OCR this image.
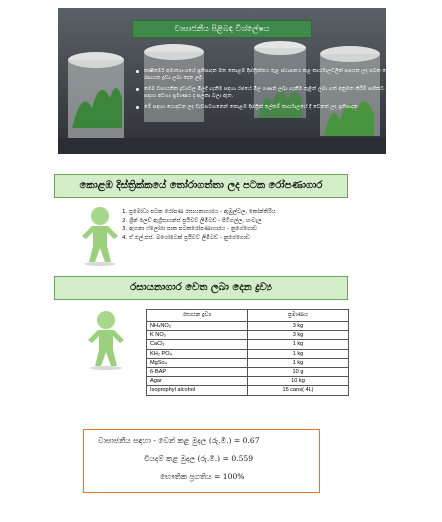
වාසාජනීය පිළිබඳ විශ්ලේෂය
කෘෂිකර්ම අමාත්‍යාංශයේ ප්‍රතිපාදන මත කොළඹ දිස්ත්‍රික්කය තුළ ස්ථාපනය කළ කාර්යාලවලින් සපයන ලද පටක රෝපණාගාර 04ක් සඳහා රසායන ද්‍රව්‍ය ලබා දෙන ලදී.
මෙම වසායනික ද්‍රව්‍යවල මිලදී ගැනීම සඳහා රජයේ මිල ගණන් ලබා ගැනීම තුළින් ලබා ගත් අනුමත කිරීම් සහිතව සිදු කළ අතර ඉදිරි කාලය සඳහා අවශ්‍ය ප්‍රමාණය ද සලකා බලා ඇත.
මේ සඳහා යොදවන ලද වැඩසටහනෙන් කොළඹ දිස්ත්‍රික් ලේකම් කාර්යාලයේ දී වෙනත් ලද ප්‍රතිපාදන
කොළඹ දිස්ත්‍රික්කයේ තෝරාගත්තා ලද පටක රෝපණාගාර
1. ප්‍රමෝධා පටක රෝපණ රසායනාගාරය - ඇඹුල්වල, කෝන්තිරිය
2. ශ්‍රීන් ලෙව් ඇග්‍රිසායන්ස් ප්‍රයිවට් ලිමිටඩ් - පිටිගල්ල, හංවැල
3. ඇගනා ෆ්ලෝරා පාක පටකරෝපණාගාරය - නුගේගොඩ
4. ඒ.එල්.එස්. බයෝටෙක් ප්‍රයිවට් ලිමිටඩ් - නුගේගොඩ
රසායනාගාර වෙත ලබා දෙන ද්‍රව්‍ය
රසායන ද්‍රව්‍ය	ප්‍රමාණය
NH₄NO₃	3 kg
K NO₃	3 kg
CaCl₂	1 kg
KH₂ PO₄	1 kg
MgSo₄	1 kg
6-BAP	10 g
Agar	10 kg
Isoprophyl alcohol	15 cans( 4L)
වාසාජනීය සඳහා - වෙන් කළ මුදල (රු.මි.) = 0.67
වියදම් කළ මුදල (රු.මි.) = 0.559
භෞතික ප්‍රගතිය = 100%
